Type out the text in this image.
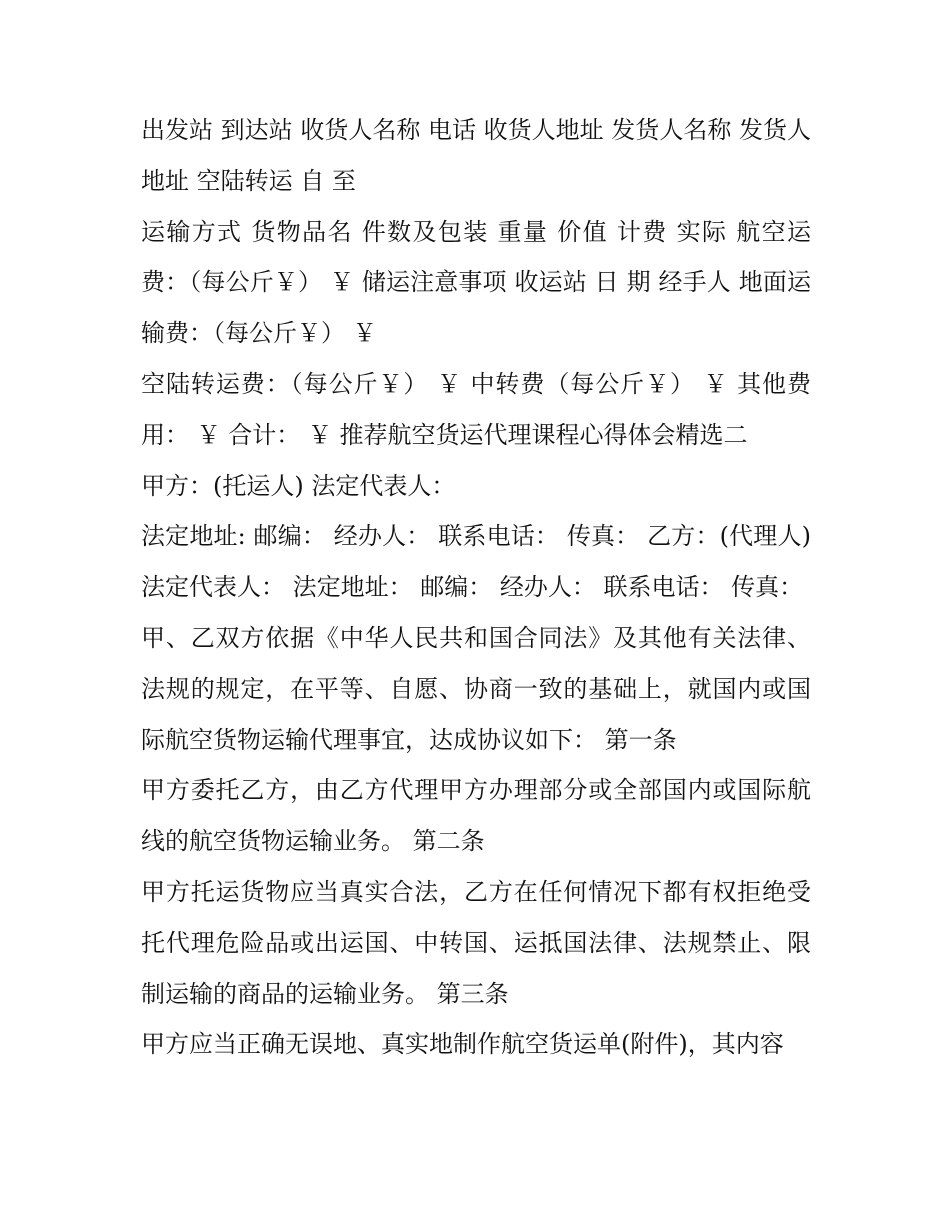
出发站 到达站 收货人名称 电话 收货人地址 发货人名称 发货人地址 空陆转运 自 至

运输方式 货物品名 件数及包装 重量 价值 计费 实际 航空运费：（每公斤￥） ￥ 储运注意事项 收运站 日 期 经手人 地面运输费：（每公斤￥） ￥

空陆转运费：（每公斤￥） ￥ 中转费（每公斤￥） ￥ 其他费用： ￥ 合计： ￥ 推荐航空货运代理课程心得体会精选二

甲方：(托运人) 法定代表人：

法定地址: 邮编： 经办人： 联系电话： 传真： 乙方：(代理人) 法定代表人： 法定地址： 邮编： 经办人： 联系电话： 传真：

甲、乙双方依据《中华人民共和国合同法》及其他有关法律、法规的规定，在平等、自愿、协商一致的基础上，就国内或国际航空货物运输代理事宜，达成协议如下： 第一条

甲方委托乙方，由乙方代理甲方办理部分或全部国内或国际航线的航空货物运输业务。 第二条

甲方托运货物应当真实合法，乙方在任何情况下都有权拒绝受托代理危险品或出运国、中转国、运抵国法律、法规禁止、限制运输的商品的运输业务。 第三条

甲方应当正确无误地、真实地制作航空货运单(附件)，其内容
